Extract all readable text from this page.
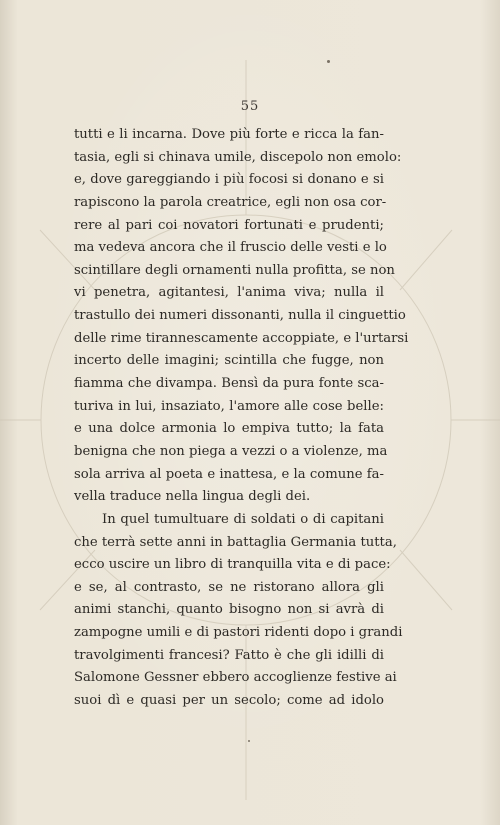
55
tutti e li incarna. Dove più forte e ricca la fan-
tasia, egli si chinava umile, discepolo non emolo:
e, dove gareggiando i più focosi si donano e si
rapiscono la parola creatrice, egli non osa cor-
rere al pari coi novatori fortunati e prudenti;
ma vedeva ancora che il fruscio delle vesti e lo
scintillare degli ornamenti nulla profitta, se non
vi penetra, agitantesi, l'anima viva; nulla il
trastullo dei numeri dissonanti, nulla il cinguettio
delle rime tirannescamente accoppiate, e l'urtarsi
incerto delle imagini; scintilla che fugge, non
fiamma che divampa. Bensì da pura fonte sca-
turiva in lui, insaziato, l'amore alle cose belle:
e una dolce armonia lo empiva tutto; la fata
benigna che non piega a vezzi o a violenze, ma
sola arriva al poeta e inattesa, e la comune fa-
vella traduce nella lingua degli dei.
In quel tumultuare di soldati o di capitani
che terrà sette anni in battaglia Germania tutta,
ecco uscire un libro di tranquilla vita e di pace:
e se, al contrasto, se ne ristorano allora gli
animi stanchi, quanto bisogno non si avrà di
zampogne umili e di pastori ridenti dopo i grandi
travolgimenti francesi? Fatto è che gli idilli di
Salomone Gessner ebbero accoglienze festive ai
suoi dì e quasi per un secolo; come ad idolo
